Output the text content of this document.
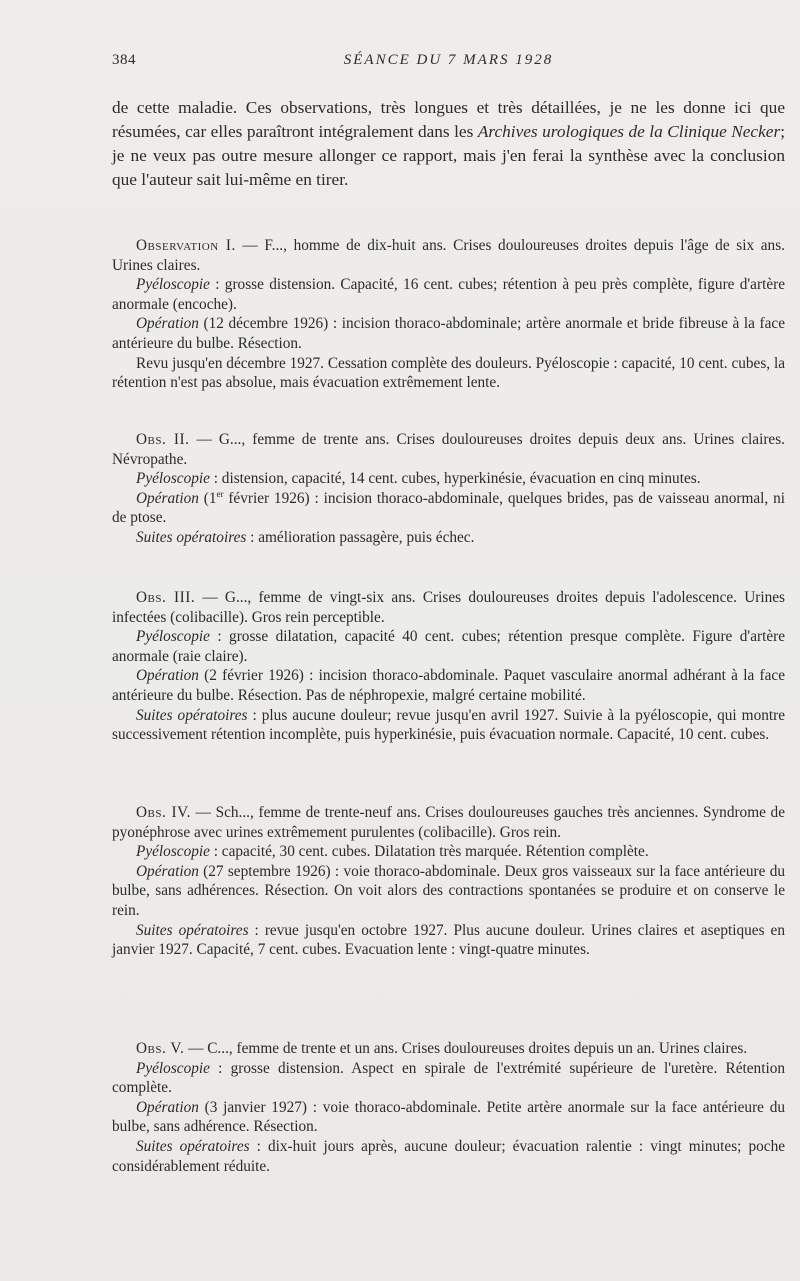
384	SÉANCE DU 7 MARS 1928
de cette maladie. Ces observations, très longues et très détaillées, je ne les donne ici que résumées, car elles paraîtront intégralement dans les Archives urologiques de la Clinique Necker; je ne veux pas outre mesure allonger ce rapport, mais j'en ferai la synthèse avec la conclusion que l'auteur sait lui-même en tirer.

Observation I. — F..., homme de dix-huit ans. Crises douloureuses droites depuis l'âge de six ans. Urines claires.

Pyéloscopie : grosse distension. Capacité, 16 cent. cubes; rétention à peu près complète, figure d'artère anormale (encoche).

Opération (12 décembre 1926) : incision thoraco-abdominale; artère anormale et bride fibreuse à la face antérieure du bulbe. Résection.

Revu jusqu'en décembre 1927. Cessation complète des douleurs. Pyéloscopie : capacité, 10 cent. cubes, la rétention n'est pas absolue, mais évacuation extrêmement lente.

Obs. II. — G..., femme de trente ans. Crises douloureuses droites depuis deux ans. Urines claires. Névropathe.

Pyéloscopie : distension, capacité, 14 cent. cubes, hyperkinésie, évacuation en cinq minutes.

Opération (1er février 1926) : incision thoraco-abdominale, quelques brides, pas de vaisseau anormal, ni de ptose.

Suites opératoires : amélioration passagère, puis échec.

Obs. III. — G..., femme de vingt-six ans. Crises douloureuses droites depuis l'adolescence. Urines infectées (colibacille). Gros rein perceptible.

Pyéloscopie : grosse dilatation, capacité 40 cent. cubes; rétention presque complète. Figure d'artère anormale (raie claire).

Opération (2 février 1926) : incision thoraco-abdominale. Paquet vasculaire anormal adhérant à la face antérieure du bulbe. Résection. Pas de néphropexie, malgré certaine mobilité.

Suites opératoires : plus aucune douleur; revue jusqu'en avril 1927. Suivie à la pyéloscopie, qui montre successivement rétention incomplète, puis hyperkinésie, puis évacuation normale. Capacité, 10 cent. cubes.

Obs. IV. — Sch..., femme de trente-neuf ans. Crises douloureuses gauches très anciennes. Syndrome de pyonéphrose avec urines extrêmement purulentes (colibacille). Gros rein.

Pyéloscopie : capacité, 30 cent. cubes. Dilatation très marquée. Rétention complète.

Opération (27 septembre 1926) : voie thoraco-abdominale. Deux gros vaisseaux sur la face antérieure du bulbe, sans adhérences. Résection. On voit alors des contractions spontanées se produire et on conserve le rein.

Suites opératoires : revue jusqu'en octobre 1927. Plus aucune douleur. Urines claires et aseptiques en janvier 1927. Capacité, 7 cent. cubes. Evacuation lente : vingt-quatre minutes.

Obs. V. — C..., femme de trente et un ans. Crises douloureuses droites depuis un an. Urines claires.

Pyéloscopie : grosse distension. Aspect en spirale de l'extrémité supérieure de l'uretère. Rétention complète.

Opération (3 janvier 1927) : voie thoraco-abdominale. Petite artère anormale sur la face antérieure du bulbe, sans adhérence. Résection.

Suites opératoires : dix-huit jours après, aucune douleur; évacuation ralentie : vingt minutes; poche considérablement réduite.
